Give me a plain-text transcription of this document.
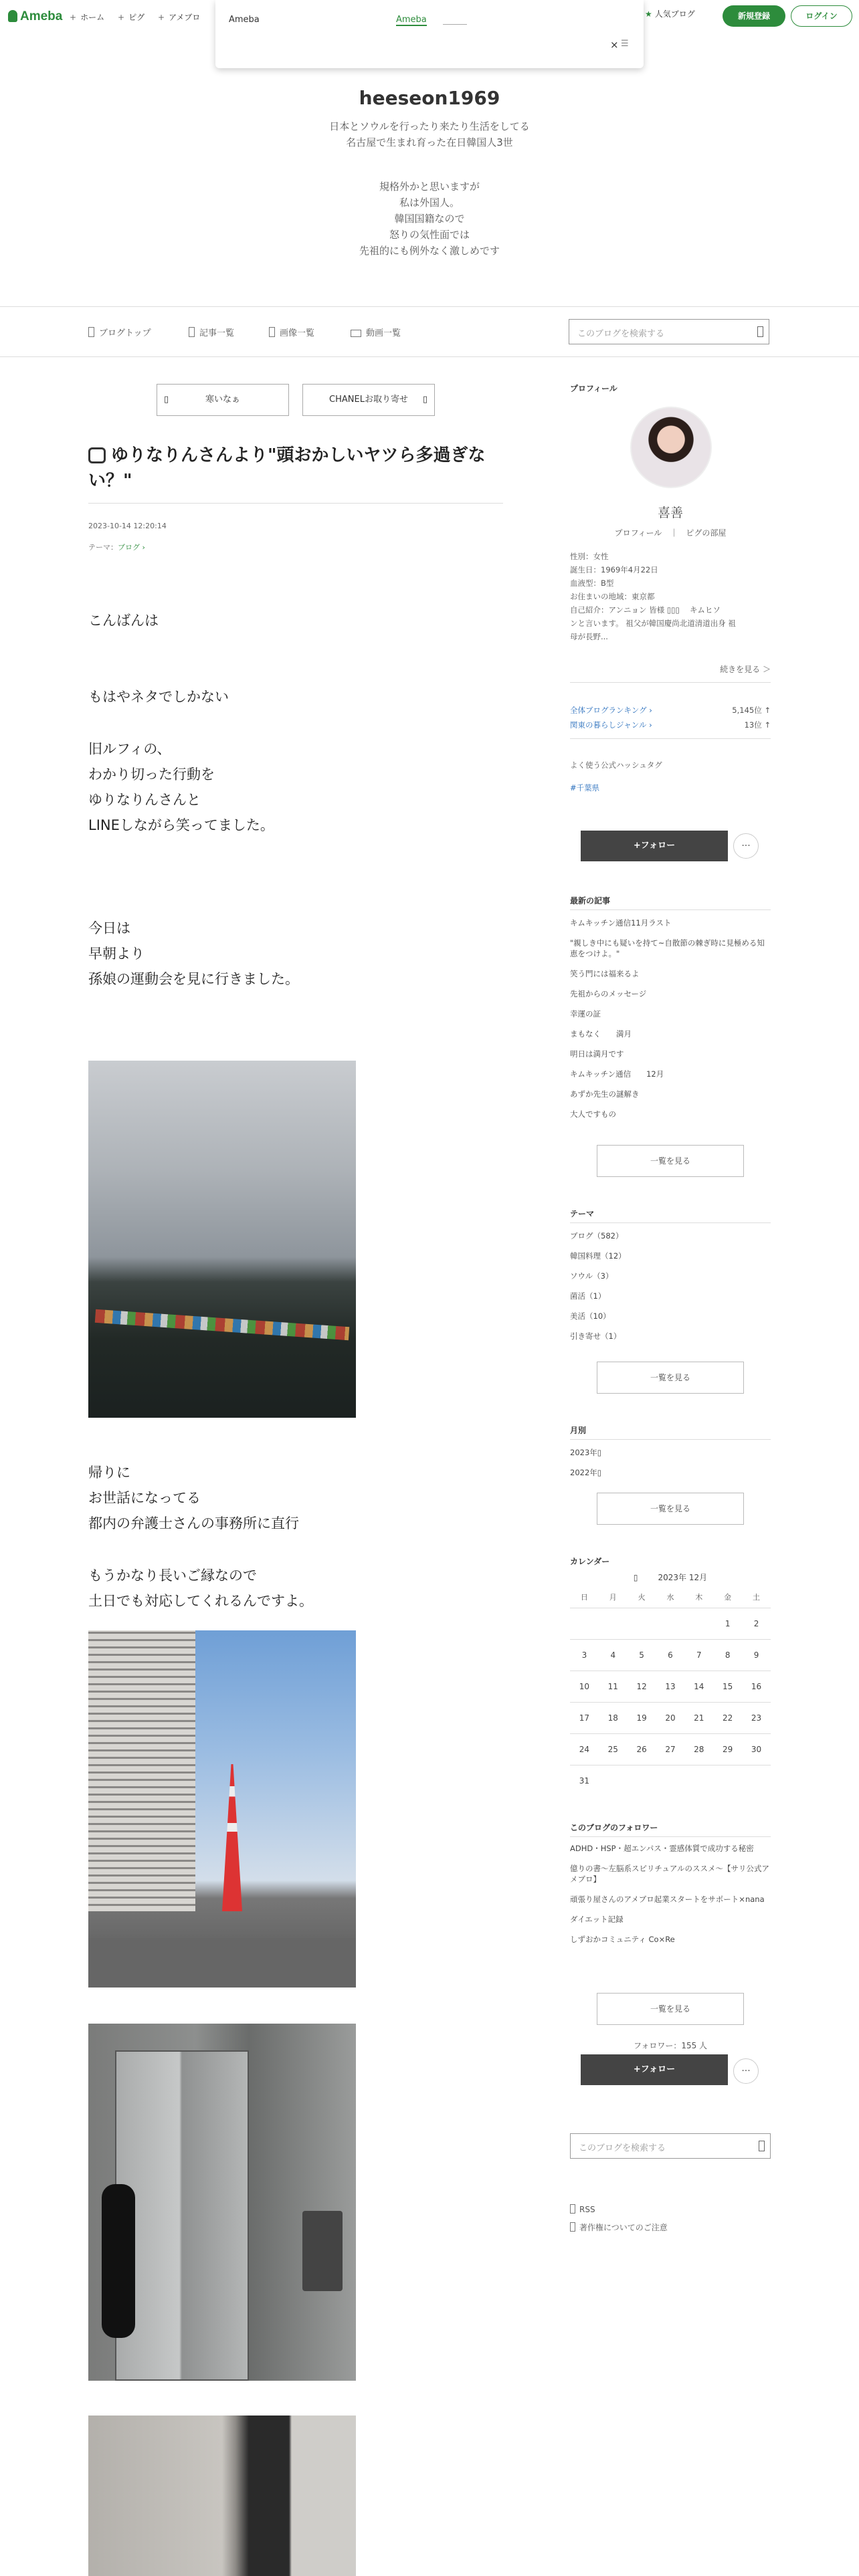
Ameba + ホーム + ピグ + アメブロ	★ 人気ブログ	新規登録	ログイン
Ameba	Ameba
× ☰
heeseon1969
日本とソウルを行ったり来たり生活をしてる
名古屋で生まれ育った在日韓国人3世
規格外かと思いますが
私は外国人。
韓国国籍なので
怒りの気性面では
先祖的にも例外なく激しめです
ブログトップ	記事一覧	画像一覧	動画一覧	このブログを検索する
▯	寒いなぁ	CHANELお取り寄せ ▯
ゆりなりんさんより"頭おかしいヤツら多過ぎない？"
2023-10-14 12:20:14
テーマ：ブログ ›
こんばんは
もはやネタでしかない
旧ルフィの、
わかり切った行動を
ゆりなりんさんと
LINEしながら笑ってました。
今日は
早朝より
孫娘の運動会を見に行きました。
帰りに
お世話になってる
都内の弁護士さんの事務所に直行
もうかなり長いご縁なので
土日でも対応してくれるんですよ。
プロフィール
喜善
プロフィール　｜　ピグの部屋
性別：女性
誕生日：1969年4月22日
血液型：B型
お住まいの地域：東京都
自己紹介：アンニョン 皆様 ▯▯▯　 キムヒソ
ンと言います。 祖父が韓国慶尚北道清道出身 祖
母が長野...
続きを見る ＞
全体ブログランキング ›	5,145位 ↑
関東の暮らしジャンル ›	13位 ↑
よく使う公式ハッシュタグ
#千葉県
+フォロー	···
最新の記事
キムキッチン通信11月ラスト
"親しき中にも疑いを持て~自散節の棘ぎ時に見極める知恵をつけよ。"
笑う門には福来るよ
先祖からのメッセージ
幸運の証
まもなく　　満月
明日は満月です
キムキッチン通信　　12月
あずか先生の謎解き
大人ですもの
一覧を見る
テーマ
ブログ（582）
韓国料理（12）
ソウル（3）
菌活（1）
美活（10）
引き寄せ（1）
一覧を見る
月別
2023年▯
2022年▯
一覧を見る
カレンダー
▯	2023年 12月
日	月	火	水	木	金	土
					1	2
3	4	5	6	7	8	9
10	11	12	13	14	15	16
17	18	19	20	21	22	23
24	25	26	27	28	29	30
31						
このブログのフォロワー
ADHD・HSP・超エンパス・霊感体質で成功する秘密
億りの書～左脳系スピリチュアルのススメ～【サリ公式アメブロ】
頑張り屋さんのアメブロ起業スタートをサポート×nana
ダイエット記録
しずおかコミュニティ Co×Re
一覧を見る
フォロワー：155 人
+フォロー	···
このブログを検索する
RSS
著作権についてのご注意
